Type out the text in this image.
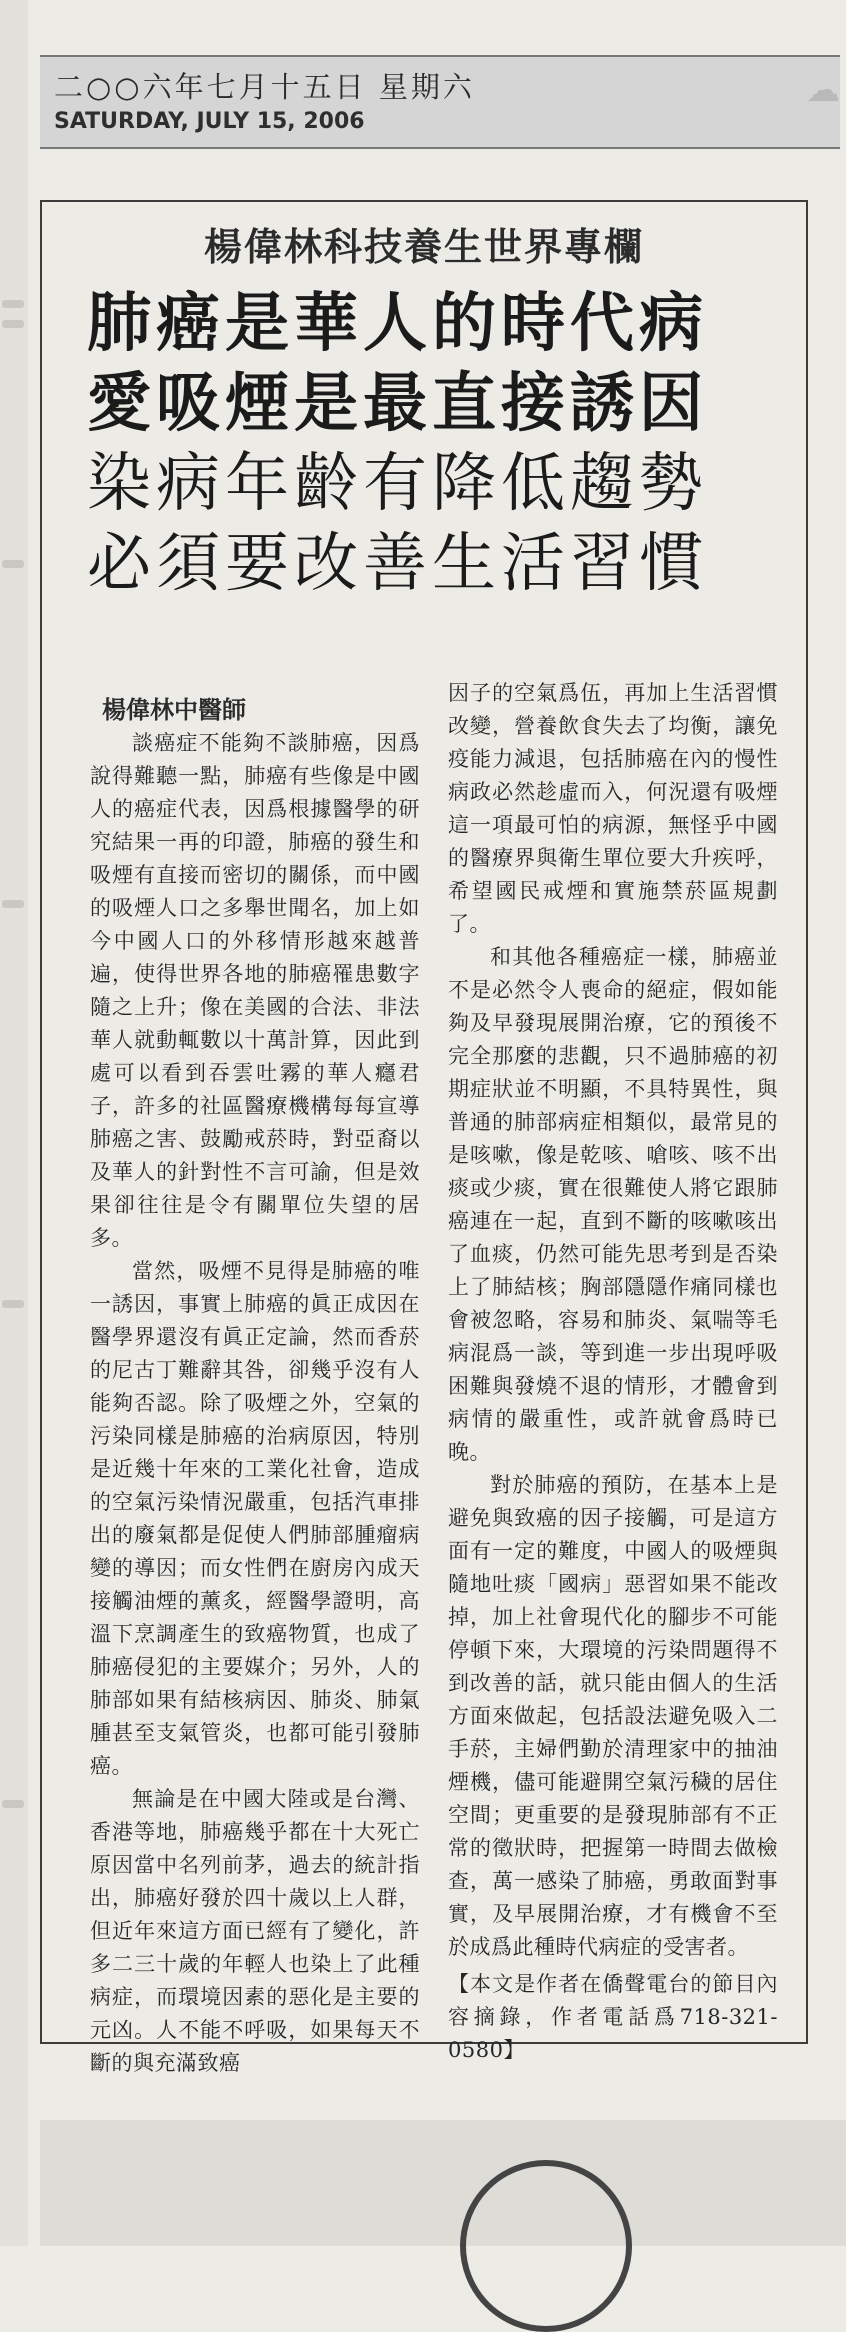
二○○六年七月十五日 星期六
SATURDAY, JULY 15, 2006
☁
楊偉林科技養生世界專欄
肺癌是華人的時代病
愛吸煙是最直接誘因
染病年齡有降低趨勢
必須要改善生活習慣
楊偉林中醫師

談癌症不能夠不談肺癌，因爲說得難聽一點，肺癌有些像是中國人的癌症代表，因爲根據醫學的研究結果一再的印證，肺癌的發生和吸煙有直接而密切的關係，而中國的吸煙人口之多舉世聞名，加上如今中國人口的外移情形越來越普遍，使得世界各地的肺癌罹患數字隨之上升；像在美國的合法、非法華人就動輒數以十萬計算，因此到處可以看到吞雲吐霧的華人癮君子，許多的社區醫療機構每每宣導肺癌之害、鼓勵戒菸時，對亞裔以及華人的針對性不言可諭，但是效果卻往往是令有關單位失望的居多。

當然，吸煙不見得是肺癌的唯一誘因，事實上肺癌的眞正成因在醫學界還沒有眞正定論，然而香菸的尼古丁難辭其咎，卻幾乎沒有人能夠否認。除了吸煙之外，空氣的污染同樣是肺癌的治病原因，特別是近幾十年來的工業化社會，造成的空氣污染情況嚴重，包括汽車排出的廢氣都是促使人們肺部腫瘤病變的導因；而女性們在廚房內成天接觸油煙的薰炙，經醫學證明，高溫下烹調產生的致癌物質，也成了肺癌侵犯的主要媒介；另外，人的肺部如果有結核病因、肺炎、肺氣腫甚至支氣管炎，也都可能引發肺癌。

無論是在中國大陸或是台灣、香港等地，肺癌幾乎都在十大死亡原因當中名列前茅，過去的統計指出，肺癌好發於四十歲以上人群，但近年來這方面已經有了變化，許多二三十歲的年輕人也染上了此種病症，而環境因素的惡化是主要的元凶。人不能不呼吸，如果每天不斷的與充滿致癌

因子的空氣爲伍，再加上生活習慣改變，營養飲食失去了均衡，讓免疫能力減退，包括肺癌在內的慢性病政必然趁虛而入，何況還有吸煙這一項最可怕的病源，無怪乎中國的醫療界與衛生單位要大升疾呼，希望國民戒煙和實施禁菸區規劃了。

和其他各種癌症一樣，肺癌並不是必然令人喪命的絕症，假如能夠及早發現展開治療，它的預後不完全那麼的悲觀，只不過肺癌的初期症狀並不明顯，不具特異性，與普通的肺部病症相類似，最常見的是咳嗽，像是乾咳、嗆咳、咳不出痰或少痰，實在很難使人將它跟肺癌連在一起，直到不斷的咳嗽咳出了血痰，仍然可能先思考到是否染上了肺結核；胸部隱隱作痛同樣也會被忽略，容易和肺炎、氣喘等毛病混爲一談，等到進一步出現呼吸困難與發燒不退的情形，才體會到病情的嚴重性，或許就會爲時已晚。

對於肺癌的預防，在基本上是避免與致癌的因子接觸，可是這方面有一定的難度，中國人的吸煙與隨地吐痰「國病」惡習如果不能改掉，加上社會現代化的腳步不可能停頓下來，大環境的污染問題得不到改善的話，就只能由個人的生活方面來做起，包括設法避免吸入二手菸，主婦們勤於清理家中的抽油煙機，儘可能避開空氣污穢的居住空間；更重要的是發現肺部有不正常的徵狀時，把握第一時間去做檢查，萬一感染了肺癌，勇敢面對事實，及早展開治療，才有機會不至於成爲此種時代病症的受害者。

【本文是作者在僑聲電台的節目內容摘錄，作者電話爲718-321-0580】
